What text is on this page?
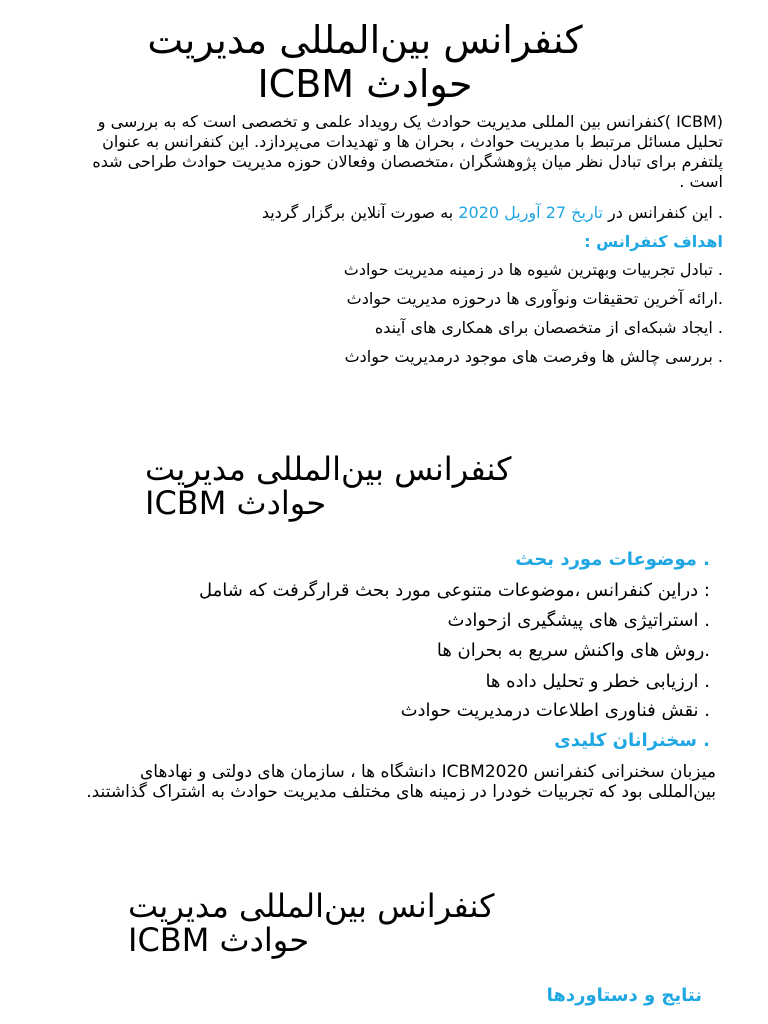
کنفرانس بین‌المللی مدیریت حوادث ICBM
(ICBM )کنفرانس بین المللی مدیریت حوادث یک رویداد علمی و تخصصی است که به بررسی و تحلیل مسائل مرتبط با مدیریت حوادث ، بحران ها و تهدیدات می‌پردازد. این کنفرانس به عنوان پلتفرم برای تبادل نظر میان پژوهشگران ،متخصصان وفعالان حوزه مدیریت حوادث طراحی شده است .
. این کنفرانس در تاریخ 27 آوریل 2020 به صورت آنلاین برگزار گردید
اهداف کنفرانس :
. تبادل تجربیات وبهترین شیوه ها در زمینه مدیریت حوادث
.ارائه آخرین تحقیقات ونوآوری ها درحوزه مدیریت حوادث
. ایجاد شبکه‌ای از متخصصان برای همکاری های آینده
. بررسی چالش ها وفرصت های موجود درمدیریت حوادث
کنفرانس بین‌المللی مدیریت حوادث ICBM
. موضوعات مورد بحث
: دراین کنفرانس ،موضوعات متنوعی مورد بحث قرارگرفت که شامل
. استراتیژی های پیشگیری ازحوادث
.روش های واکنش سریع به بحران ها
. ارزیابی خطر و تحلیل داده ها
. نقش فناوری اطلاعات درمدیریت حوادث
. سخنرانان کلیدی
میزبان سخنرانی کنفرانس ICBM2020 دانشگاه ها ، سازمان های دولتی و نهادهای بین‌المللی بود که تجربیات خودرا در زمینه های مختلف مدیریت حوادث به اشتراک گذاشتند.
کنفرانس بین‌المللی مدیریت حوادث ICBM
نتایج و دستاوردها
